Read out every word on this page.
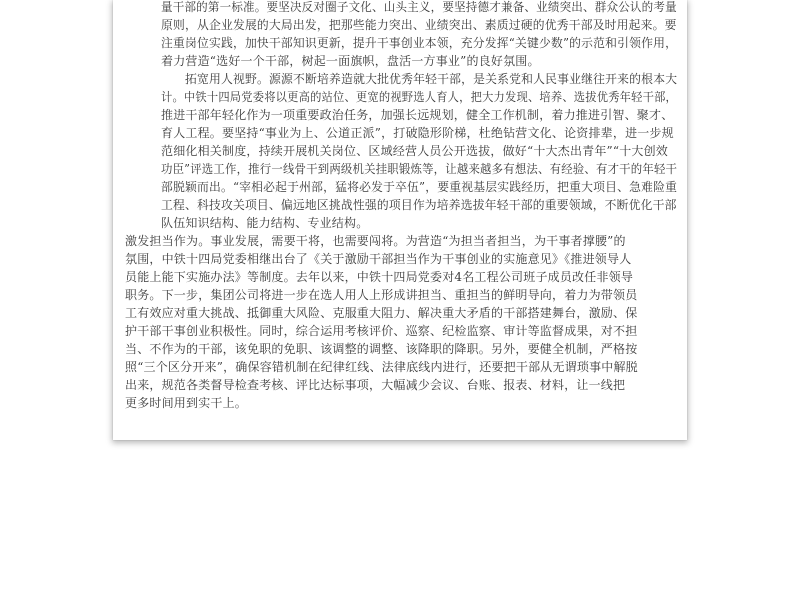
量干部的第一标准。要坚决反对圈子文化、山头主义，要坚持德才兼备、业绩突出、群众公认的考量
原则，从企业发展的大局出发，把那些能力突出、业绩突出、素质过硬的优秀干部及时用起来。要
注重岗位实践，加快干部知识更新，提升干事创业本领，充分发挥“关键少数”的示范和引领作用，
着力营造“选好一个干部，树起一面旗帜，盘活一方事业”的良好氛围。
拓宽用人视野。源源不断培养造就大批优秀年轻干部，是关系党和人民事业继往开来的根本大
计。中铁十四局党委将以更高的站位、更宽的视野选人育人，把大力发现、培养、选拔优秀年轻干部，
推进干部年轻化作为一项重要政治任务，加强长远规划，健全工作机制，着力推进引智、聚才、
育人工程。要坚持“事业为上、公道正派”，打破隐形阶梯，杜绝钻营文化、论资排辈，进一步规
范细化相关制度，持续开展机关岗位、区域经营人员公开选拔，做好“十大杰出青年”“十大创效
功臣”评选工作，推行一线骨干到两级机关挂职锻炼等，让越来越多有想法、有经验、有才干的年轻干
部脱颖而出。“宰相必起于州部，猛将必发于卒伍”，要重视基层实践经历，把重大项目、急难险重
工程、科技攻关项目、偏远地区挑战性强的项目作为培养选拔年轻干部的重要领域，不断优化干部
队伍知识结构、能力结构、专业结构。
激发担当作为。事业发展，需要干将，也需要闯将。为营造“为担当者担当，为干事者撑腰”的
氛围，中铁十四局党委相继出台了《关于激励干部担当作为干事创业的实施意见》《推进领导人
员能上能下实施办法》等制度。去年以来，中铁十四局党委对4名工程公司班子成员改任非领导
职务。下一步，集团公司将进一步在选人用人上形成讲担当、重担当的鲜明导向，着力为带领员
工有效应对重大挑战、抵御重大风险、克服重大阻力、解决重大矛盾的干部搭建舞台，激励、保
护干部干事创业积极性。同时，综合运用考核评价、巡察、纪检监察、审计等监督成果，对不担
当、不作为的干部，该免职的免职、该调整的调整、该降职的降职。另外，要健全机制，严格按
照“三个区分开来”，确保容错机制在纪律红线、法律底线内进行，还要把干部从无谓琐事中解脱
出来，规范各类督导检查考核、评比达标事项，大幅减少会议、台账、报表、材料，让一线把
更多时间用到实干上。
